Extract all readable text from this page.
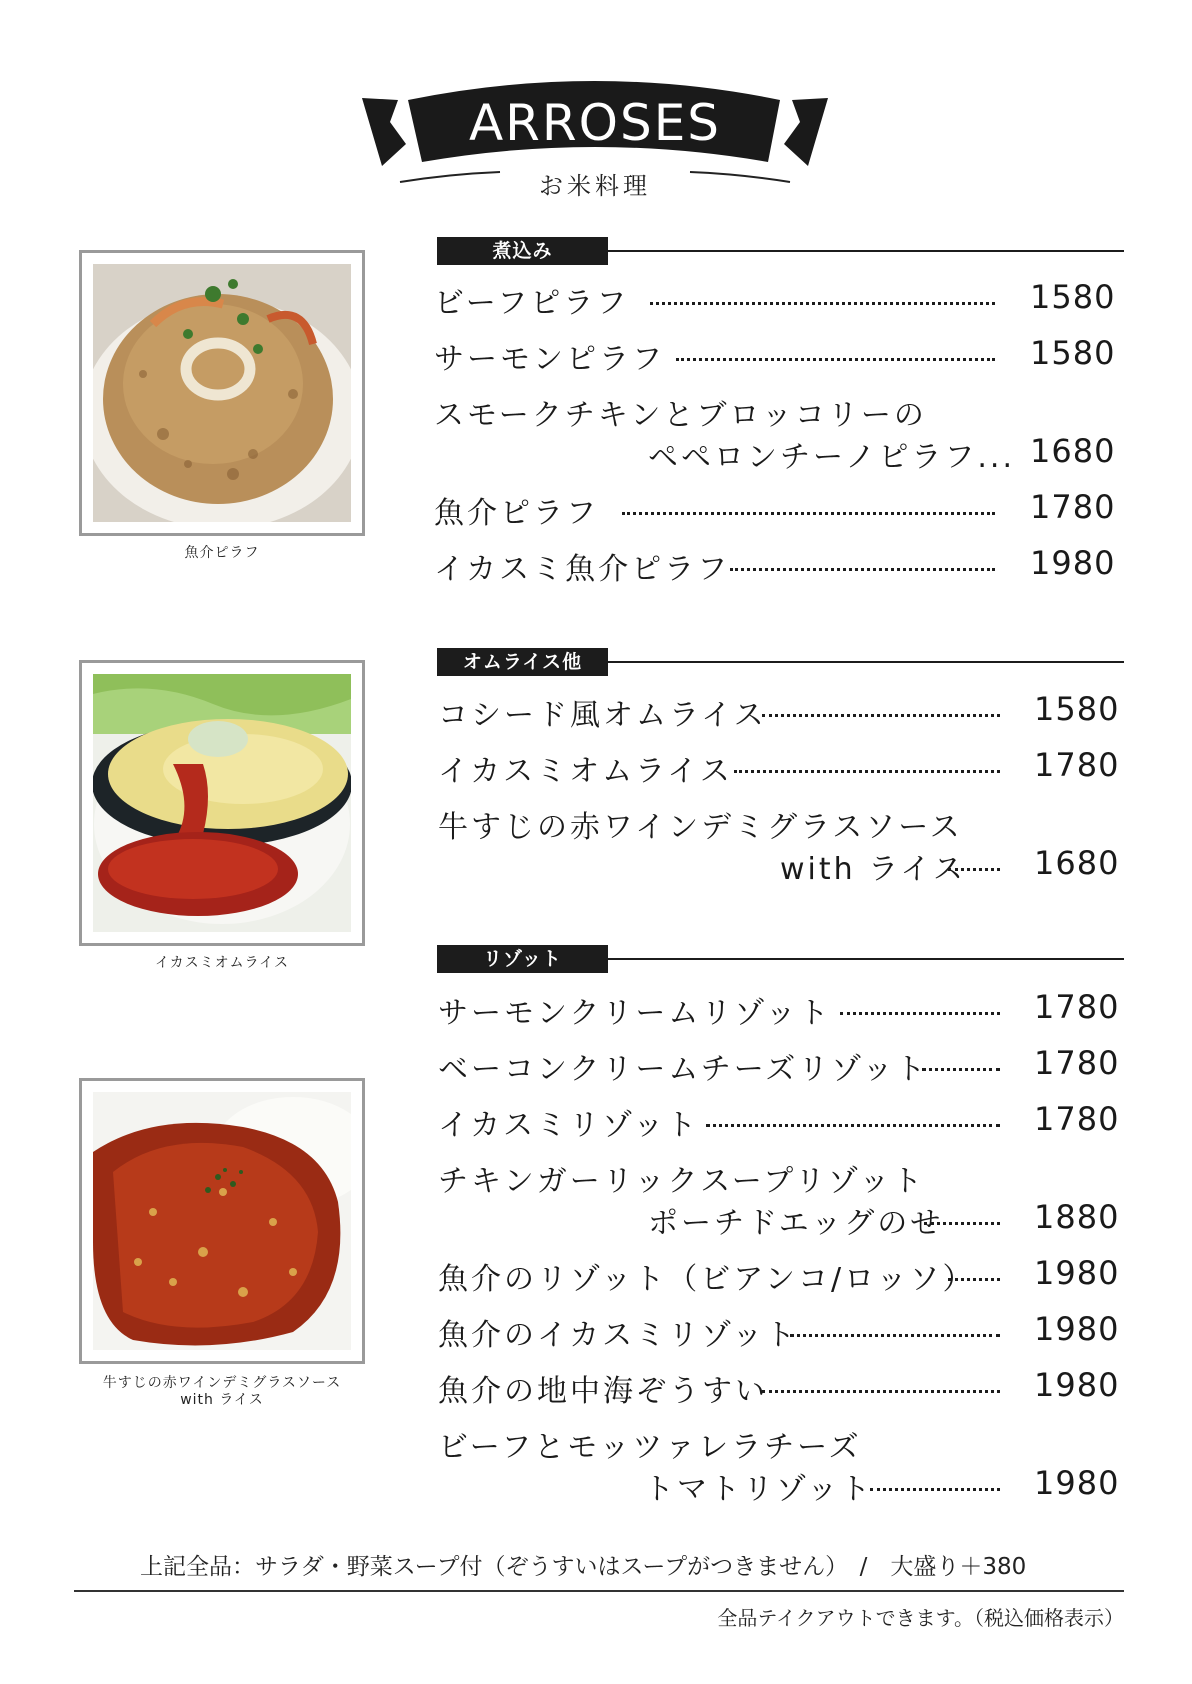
ARROSES
お米料理
魚介ピラフ
イカスミオムライス
牛すじの赤ワインデミグラスソース
with ライス
煮込み
ビーフピラフ	1580
サーモンピラフ	1580
スモークチキンとブロッコリーの
ペペロンチーノピラフ... 1680
魚介ピラフ	1780
イカスミ魚介ピラフ	1980
オムライス他
コシード風オムライス	1580
イカスミオムライス	1780
牛すじの赤ワインデミグラスソース
with ライス 1680
リゾット
サーモンクリームリゾット	1780
ベーコンクリームチーズリゾット	1780
イカスミリゾット	1780
チキンガーリックスープリゾット
ポーチドエッグのせ	1880
魚介のリゾット（ビアンコ/ロッソ） 1980
魚介のイカスミリゾット	1980
魚介の地中海ぞうすい	1980
ビーフとモッツァレラチーズ
トマトリゾット	1980
上記全品：サラダ・野菜スープ付（ぞうすいはスープがつきません）　/　大盛り＋380
全品テイクアウトできます。（税込価格表示）
